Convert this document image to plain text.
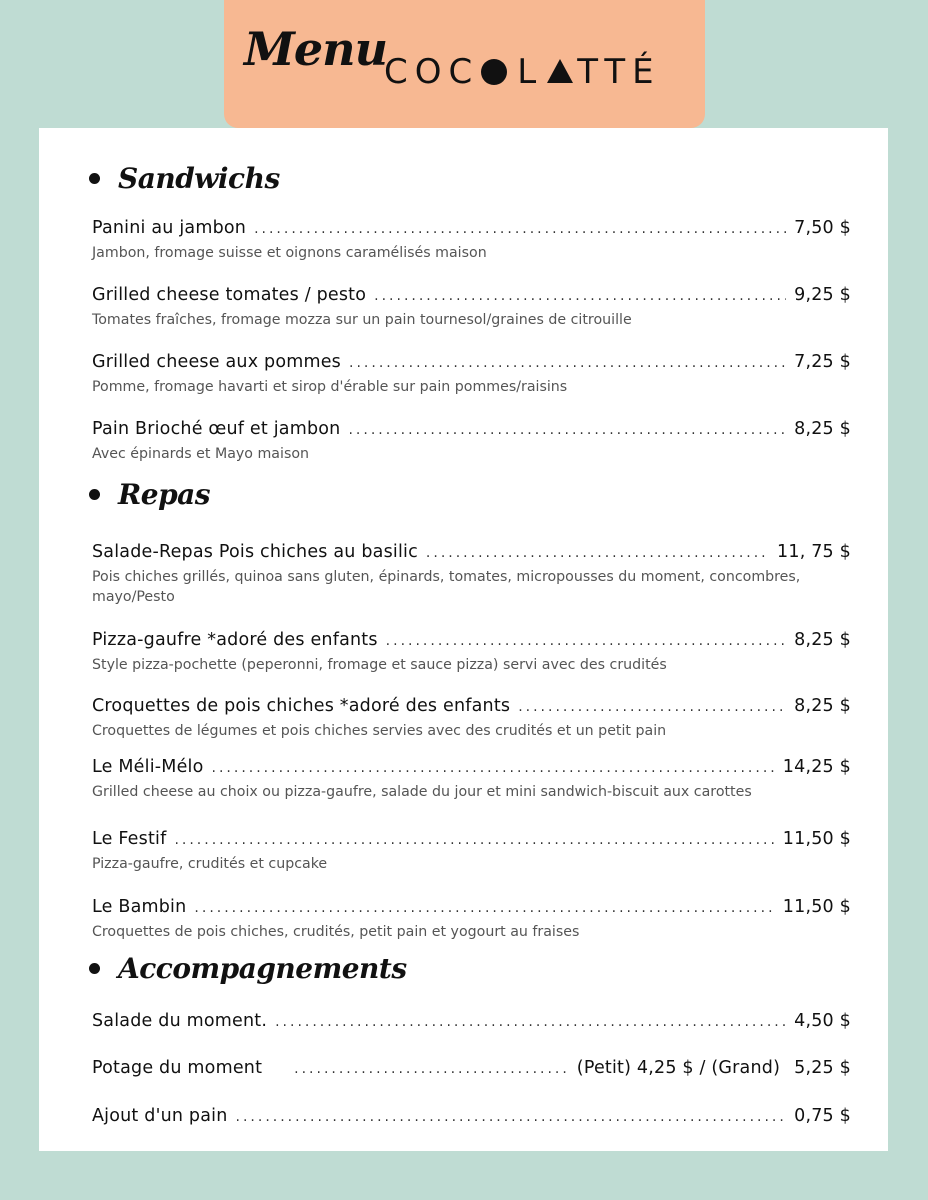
Menu
COC L TTÉ
Sandwichs
Panini au jambon .....	7,50 $
Jambon, fromage suisse et oignons caramélisés maison
Grilled cheese tomates / pesto .....	9,25 $
Tomates fraîches, fromage mozza sur un pain tournesol/graines de citrouille
Grilled cheese aux pommes .....	7,25 $
Pomme, fromage havarti et sirop d'érable sur pain pommes/raisins
Pain Brioché œuf et jambon .....	8,25 $
Avec épinards et Mayo maison
Repas
Salade-Repas Pois chiches au basilic .....	11, 75 $
Pois chiches grillés, quinoa sans gluten, épinards, tomates, micropousses du moment, concombres, mayo/Pesto
Pizza-gaufre *adoré des enfants .....	8,25 $
Style pizza-pochette (peperonni, fromage et sauce pizza) servi avec des crudités
Croquettes de pois chiches *adoré des enfants .....	8,25 $
Croquettes de légumes et pois chiches servies avec des crudités et un petit pain
Le Méli-Mélo .....	14,25 $
Grilled cheese au choix ou pizza-gaufre, salade du jour et mini sandwich-biscuit aux carottes
Le Festif .....	11,50 $
Pizza-gaufre, crudités et cupcake
Le Bambin .....	11,50 $
Croquettes de pois chiches, crudités, petit pain et yogourt au fraises
Accompagnements
Salade du moment. .....	4,50 $
Potage du moment .....	(Petit) 4,25 $ / (Grand) 5,25 $
Ajout d'un pain .....	0,75 $
